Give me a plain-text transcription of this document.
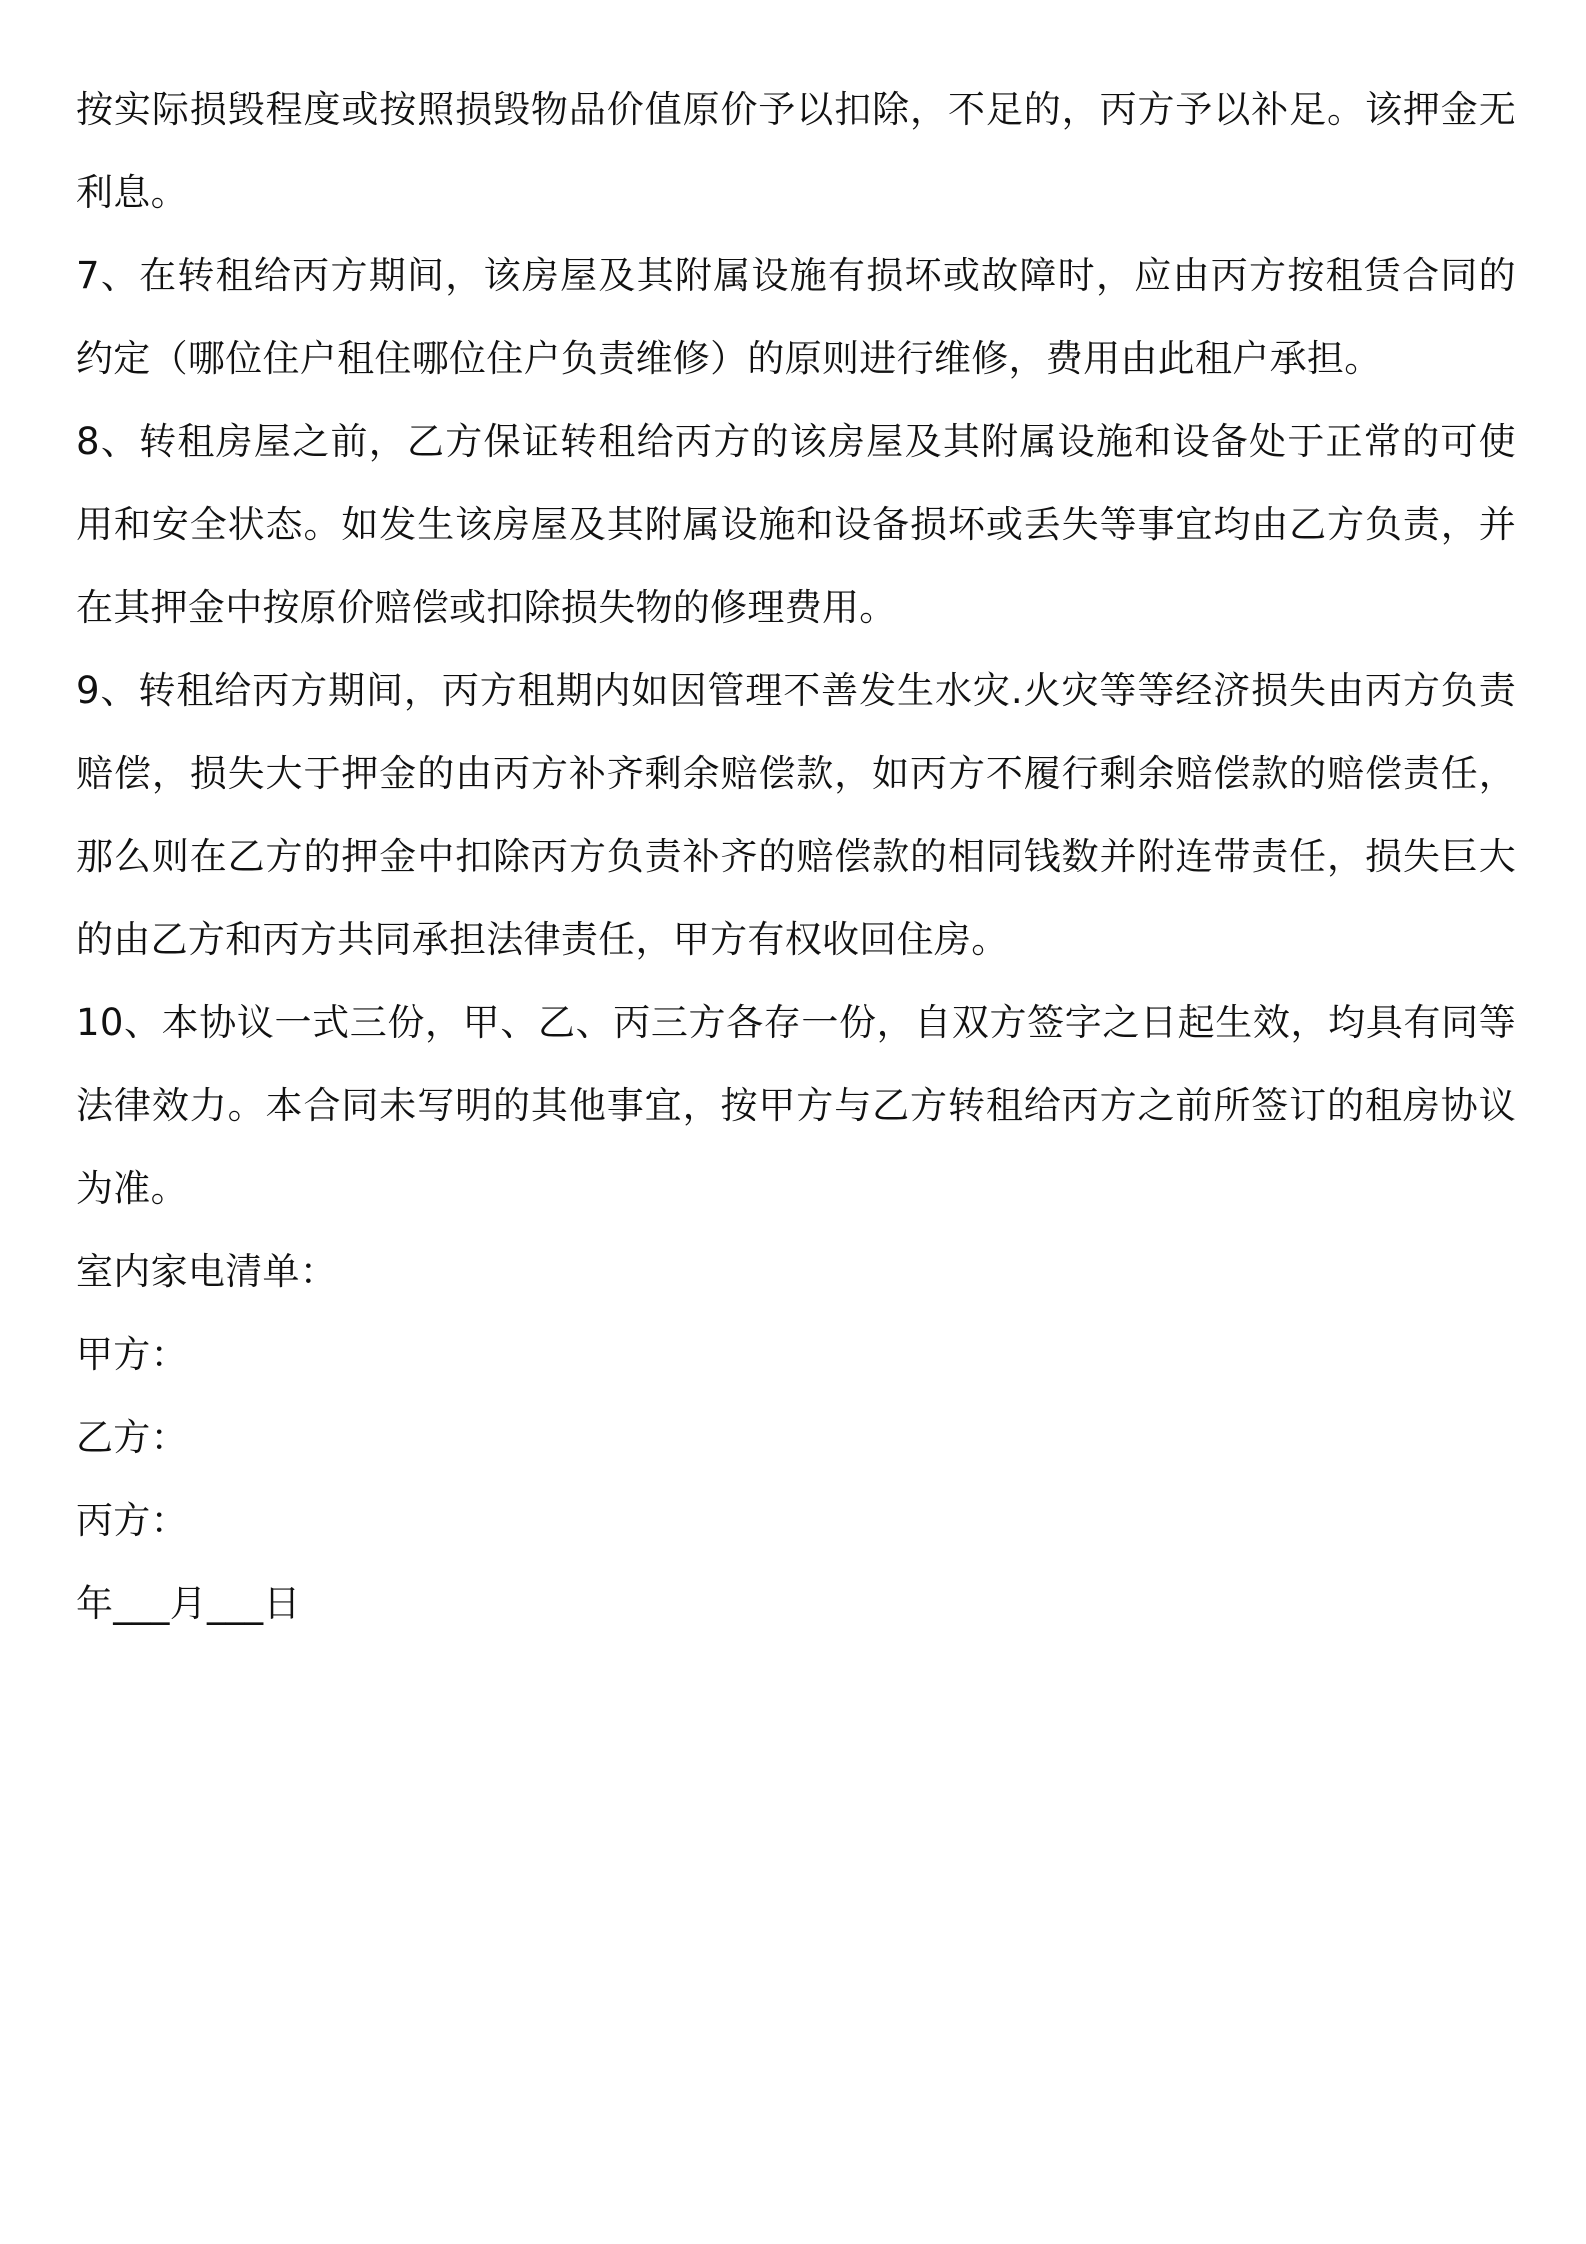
按实际损毁程度或按照损毁物品价值原价予以扣除，不足的，丙方予以补足。该押金无利息。

7、在转租给丙方期间，该房屋及其附属设施有损坏或故障时，应由丙方按租赁合同的约定（哪位住户租住哪位住户负责维修）的原则进行维修，费用由此租户承担。

8、转租房屋之前，乙方保证转租给丙方的该房屋及其附属设施和设备处于正常的可使用和安全状态。如发生该房屋及其附属设施和设备损坏或丢失等事宜均由乙方负责，并在其押金中按原价赔偿或扣除损失物的修理费用。

9、转租给丙方期间，丙方租期内如因管理不善发生水灾.火灾等等经济损失由丙方负责赔偿，损失大于押金的由丙方补齐剩余赔偿款，如丙方不履行剩余赔偿款的赔偿责任，那么则在乙方的押金中扣除丙方负责补齐的赔偿款的相同钱数并附连带责任，损失巨大的由乙方和丙方共同承担法律责任，甲方有权收回住房。

10、本协议一式三份，甲、乙、丙三方各存一份，自双方签字之日起生效，均具有同等法律效力。本合同未写明的其他事宜，按甲方与乙方转租给丙方之前所签订的租房协议为准。

室内家电清单：

甲方：

乙方：

丙方：

年___月___日
